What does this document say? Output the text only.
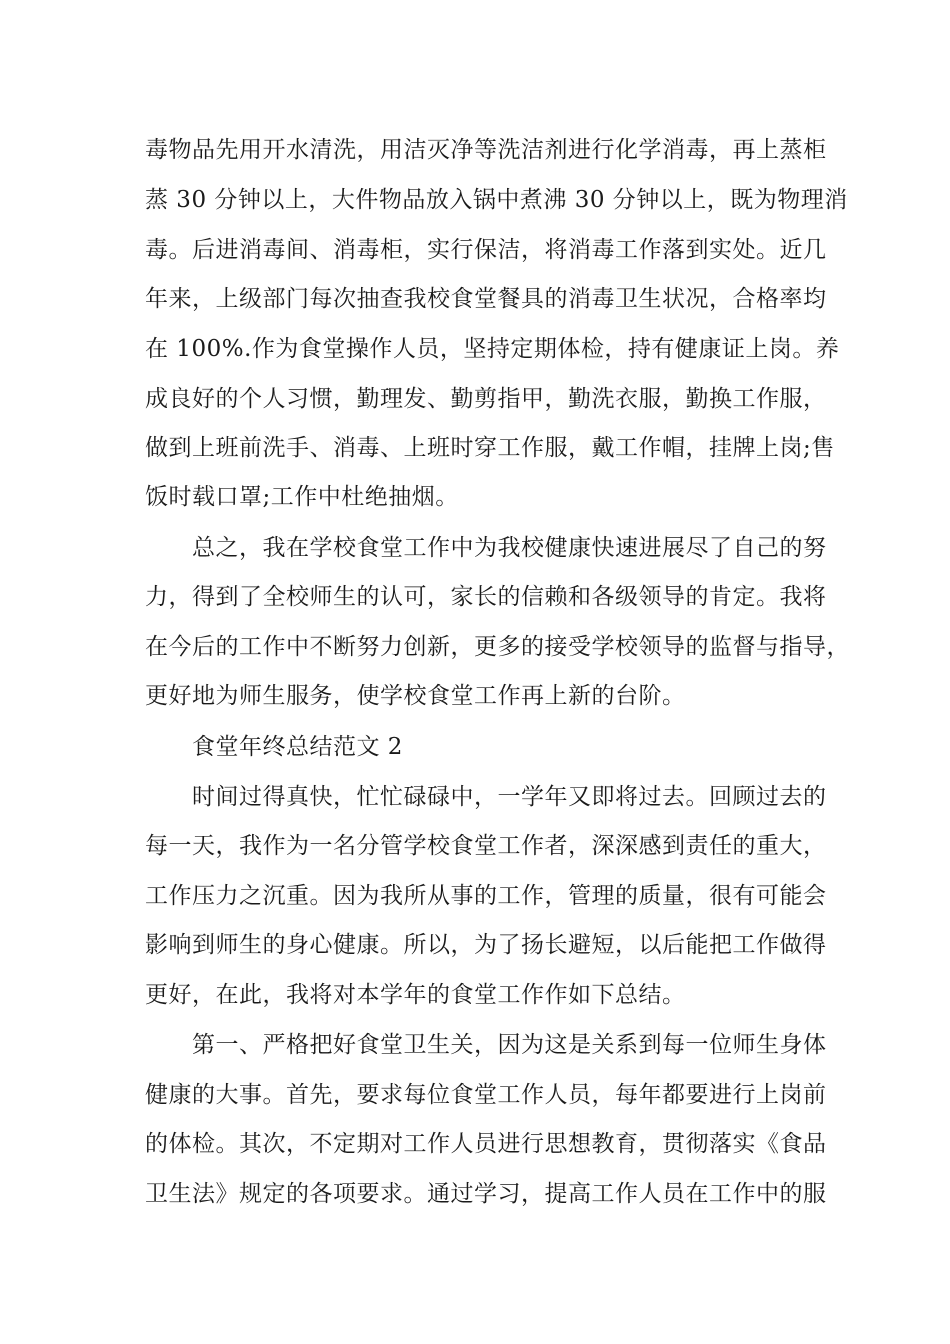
毒物品先用开水清洗，用洁灭净等洗洁剂进行化学消毒，再上蒸柜
蒸 30 分钟以上，大件物品放入锅中煮沸 30 分钟以上，既为物理消
毒。后进消毒间、消毒柜，实行保洁，将消毒工作落到实处。近几
年来，上级部门每次抽查我校食堂餐具的消毒卫生状况，合格率均
在 100%.作为食堂操作人员，坚持定期体检，持有健康证上岗。养
成良好的个人习惯，勤理发、勤剪指甲，勤洗衣服，勤换工作服，
做到上班前洗手、消毒、上班时穿工作服，戴工作帽，挂牌上岗;售
饭时载口罩;工作中杜绝抽烟。
总之，我在学校食堂工作中为我校健康快速进展尽了自己的努
力，得到了全校师生的认可，家长的信赖和各级领导的肯定。我将
在今后的工作中不断努力创新，更多的接受学校领导的监督与指导，
更好地为师生服务，使学校食堂工作再上新的台阶。
食堂年终总结范文 2
时间过得真快，忙忙碌碌中，一学年又即将过去。回顾过去的
每一天，我作为一名分管学校食堂工作者，深深感到责任的重大，
工作压力之沉重。因为我所从事的工作，管理的质量，很有可能会
影响到师生的身心健康。所以，为了扬长避短，以后能把工作做得
更好，在此，我将对本学年的食堂工作作如下总结。
第一、严格把好食堂卫生关，因为这是关系到每一位师生身体
健康的大事。首先，要求每位食堂工作人员，每年都要进行上岗前
的体检。其次，不定期对工作人员进行思想教育，贯彻落实《食品
卫生法》规定的各项要求。通过学习，提高工作人员在工作中的服
